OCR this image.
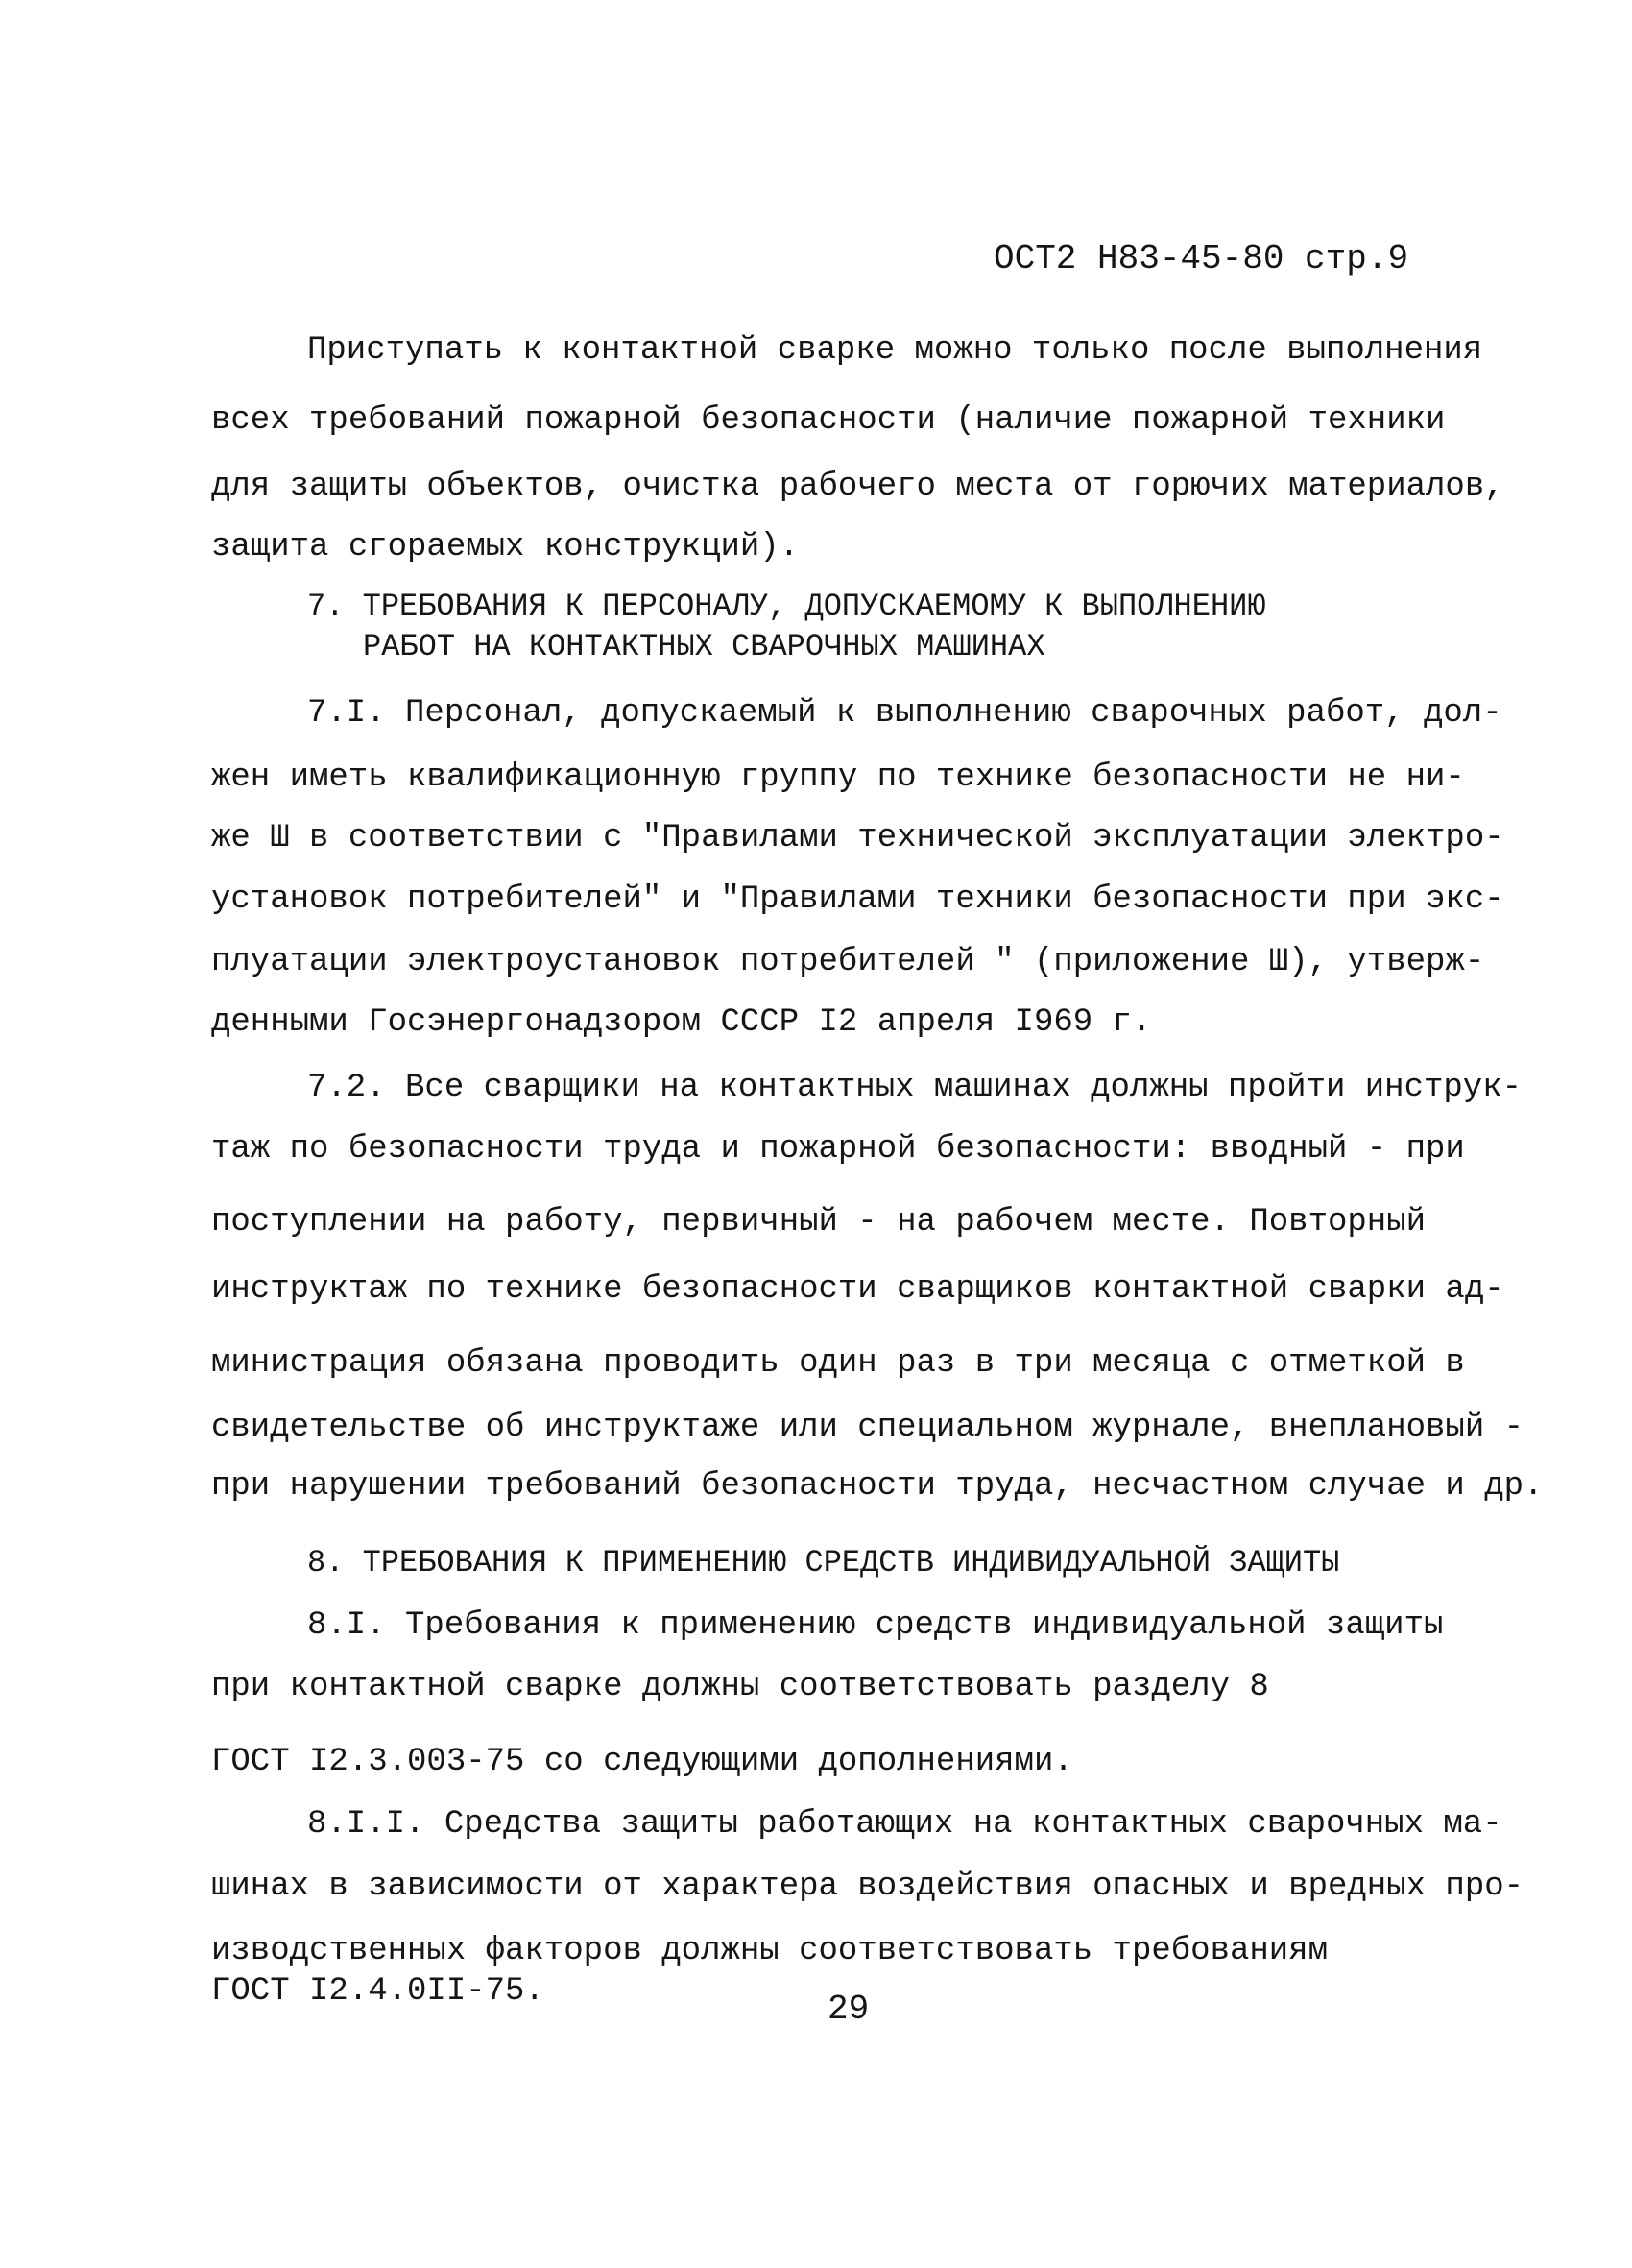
ОСТ2 Н83-45-80 стр.9
Приступать к контактной сварке можно только после выполнения
всех требований пожарной безопасности (наличие пожарной техники
для защиты объектов, очистка рабочего места от горючих материалов,
защита сгораемых конструкций).
7. ТРЕБОВАНИЯ К ПЕРСОНАЛУ, ДОПУСКАЕМОМУ К ВЫПОЛНЕНИЮ
РАБОТ НА КОНТАКТНЫХ СВАРОЧНЫХ МАШИНАХ
7.I. Персонал, допускаемый к выполнению сварочных работ, дол-
жен иметь квалификационную группу по технике безопасности не ни-
же Ш в соответствии с "Правилами технической эксплуатации электро-
установок потребителей" и "Правилами техники безопасности при экс-
плуатации электроустановок потребителей " (приложение Ш), утверж-
денными Госэнергонадзором СССР I2 апреля I969 г.
7.2. Все сварщики на контактных машинах должны пройти инструк-
таж по безопасности труда и пожарной безопасности: вводный - при
поступлении на работу, первичный - на рабочем месте. Повторный
инструктаж по технике безопасности сварщиков контактной сварки ад-
министрация обязана проводить один раз в три месяца с отметкой в
свидетельстве об инструктаже или специальном журнале, внеплановый -
при нарушении требований безопасности труда, несчастном случае и др.
8. ТРЕБОВАНИЯ К ПРИМЕНЕНИЮ СРЕДСТВ ИНДИВИДУАЛЬНОЙ ЗАЩИТЫ
8.I. Требования к применению средств индивидуальной защиты
при контактной сварке должны соответствовать разделу 8
ГОСТ I2.3.003-75 со следующими дополнениями.
8.I.I. Средства защиты работающих на контактных сварочных ма-
шинах в зависимости от характера воздействия опасных и вредных про-
изводственных факторов должны соответствовать требованиям
ГОСТ I2.4.0II-75.	29
